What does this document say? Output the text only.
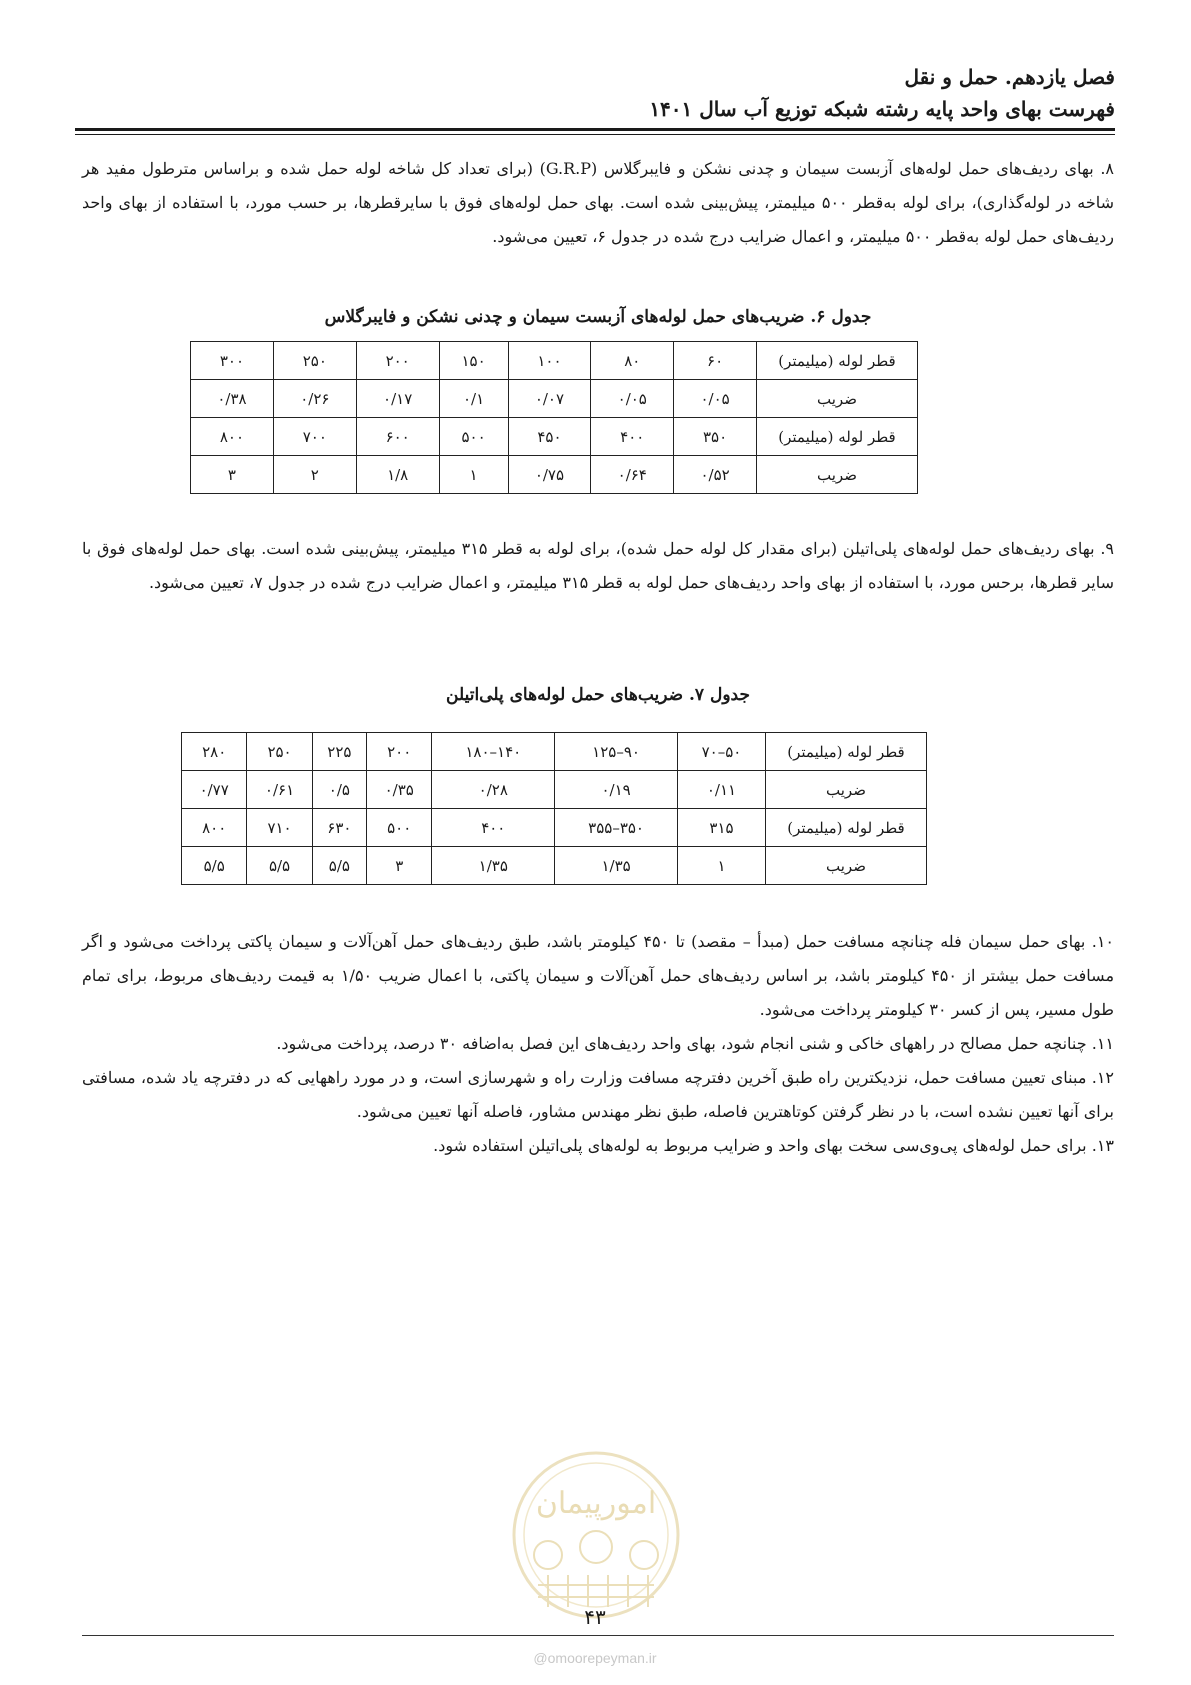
فصل یازدهم. حمل و نقل
فهرست بهای واحد پایه رشته شبکه توزیع آب سال ۱۴۰۱

۸. بهای ردیف‌های حمل لوله‌های آزبست سیمان و چدنی نشکن و فایبرگلاس (G.R.P) (برای تعداد کل شاخه لوله حمل شده و براساس مترطول مفید هر شاخه در لوله‌گذاری)، برای لوله به‌قطر ۵۰۰ میلیمتر، پیش‌بینی شده است. بهای حمل لوله‌های فوق با سایرقطرها، بر حسب مورد، با استفاده از بهای واحد ردیف‌های حمل لوله به‌قطر ۵۰۰ میلیمتر، و اعمال ضرایب درج شده در جدول ۶، تعیین می‌شود.

جدول ۶. ضریب‌های حمل لوله‌های آزبست سیمان و چدنی نشکن و فایبرگلاس
قطر لوله (میلیمتر)	۶۰	۸۰	۱۰۰	۱۵۰	۲۰۰	۲۵۰	۳۰۰
ضریب	۰/۰۵	۰/۰۵	۰/۰۷	۰/۱	۰/۱۷	۰/۲۶	۰/۳۸
قطر لوله (میلیمتر)	۳۵۰	۴۰۰	۴۵۰	۵۰۰	۶۰۰	۷۰۰	۸۰۰
ضریب	۰/۵۲	۰/۶۴	۰/۷۵	۱	۱/۸	۲	۳

۹. بهای ردیف‌های حمل لوله‌های پلی‌اتیلن (برای مقدار کل لوله حمل شده)، برای لوله به قطر ۳۱۵ میلیمتر، پیش‌بینی شده است. بهای حمل لوله‌های فوق با سایر قطرها، برحس مورد، با استفاده از بهای واحد ردیف‌های حمل لوله به قطر ۳۱۵ میلیمتر، و اعمال ضرایب درج شده در جدول ۷، تعیین می‌شود.

جدول ۷. ضریب‌های حمل لوله‌های پلی‌اتیلن
قطر لوله (میلیمتر)	۵۰–۷۰	۹۰–۱۲۵	۱۴۰–۱۸۰	۲۰۰	۲۲۵	۲۵۰	۲۸۰
ضریب	۰/۱۱	۰/۱۹	۰/۲۸	۰/۳۵	۰/۵	۰/۶۱	۰/۷۷
قطر لوله (میلیمتر)	۳۱۵	۳۵۰–۳۵۵	۴۰۰	۵۰۰	۶۳۰	۷۱۰	۸۰۰
ضریب	۱	۱/۳۵	۱/۳۵	۳	۵/۵	۵/۵	۵/۵

۱۰. بهای حمل سیمان فله چنانچه مسافت حمل (مبدأ – مقصد) تا ۴۵۰ کیلومتر باشد، طبق ردیف‌های حمل آهن‌آلات و سیمان پاکتی پرداخت می‌شود و اگر مسافت حمل بیشتر از ۴۵۰ کیلومتر باشد، بر اساس ردیف‌های حمل آهن‌آلات و سیمان پاکتی، با اعمال ضریب ۱/۵۰ به قیمت ردیف‌های مربوط، برای تمام طول مسیر، پس از کسر ۳۰ کیلومتر پرداخت می‌شود.

۱۱. چنانچه حمل مصالح در راههای خاکی و شنی انجام شود، بهای واحد ردیف‌های این فصل به‌اضافه ۳۰ درصد، پرداخت می‌شود.

۱۲. مبنای تعیین مسافت حمل، نزدیکترین راه طبق آخرین دفترچه مسافت وزارت راه و شهرسازی است، و در مورد راههایی که در دفترچه یاد شده، مسافتی برای آنها تعیین نشده است، با در نظر گرفتن کوتاهترین فاصله، طبق نظر مهندس مشاور، فاصله آنها تعیین می‌شود.

۱۳. برای حمل لوله‌های پی‌وی‌سی سخت بهای واحد و ضرایب مربوط به لوله‌های پلی‌اتیلن استفاده شود.

امورپیمان
۴۳
@omoorepeyman.ir
